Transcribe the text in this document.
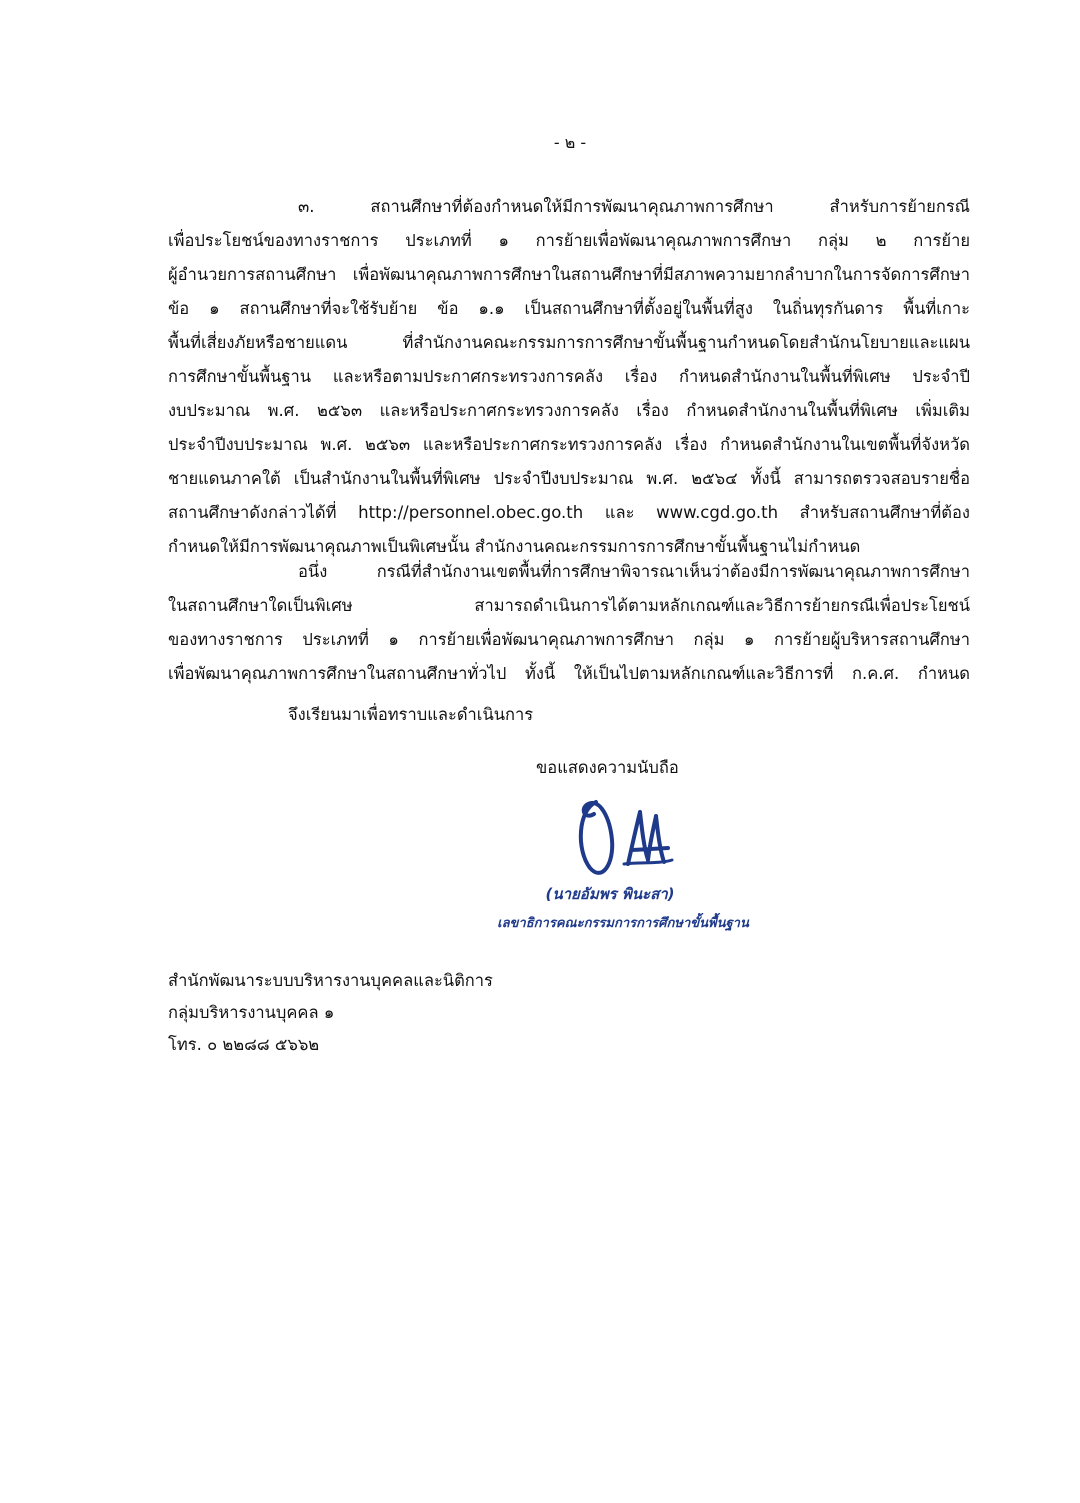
- ๒ -
๓. สถานศึกษาที่ต้องกำหนดให้มีการพัฒนาคุณภาพการศึกษา สำหรับการย้ายกรณี
เพื่อประโยชน์ของทางราชการ ประเภทที่ ๑ การย้ายเพื่อพัฒนาคุณภาพการศึกษา กลุ่ม ๒ การย้าย
ผู้อำนวยการสถานศึกษา เพื่อพัฒนาคุณภาพการศึกษาในสถานศึกษาที่มีสภาพความยากลำบากในการจัดการศึกษา
ข้อ ๑ สถานศึกษาที่จะใช้รับย้าย ข้อ ๑.๑ เป็นสถานศึกษาที่ตั้งอยู่ในพื้นที่สูง ในถิ่นทุรกันดาร พื้นที่เกาะ
พื้นที่เสี่ยงภัยหรือชายแดน ที่สำนักงานคณะกรรมการการศึกษาขั้นพื้นฐานกำหนดโดยสำนักนโยบายและแผน
การศึกษาขั้นพื้นฐาน และหรือตามประกาศกระทรวงการคลัง เรื่อง กำหนดสำนักงานในพื้นที่พิเศษ ประจำปี
งบประมาณ พ.ศ. ๒๕๖๓ และหรือประกาศกระทรวงการคลัง เรื่อง กำหนดสำนักงานในพื้นที่พิเศษ เพิ่มเติม
ประจำปีงบประมาณ พ.ศ. ๒๕๖๓ และหรือประกาศกระทรวงการคลัง เรื่อง กำหนดสำนักงานในเขตพื้นที่จังหวัด
ชายแดนภาคใต้ เป็นสำนักงานในพื้นที่พิเศษ ประจำปีงบประมาณ พ.ศ. ๒๕๖๔ ทั้งนี้ สามารถตรวจสอบรายชื่อ
สถานศึกษาดังกล่าวได้ที่ http://personnel.obec.go.th และ www.cgd.go.th สำหรับสถานศึกษาที่ต้อง
กำหนดให้มีการพัฒนาคุณภาพเป็นพิเศษนั้น สำนักงานคณะกรรมการการศึกษาขั้นพื้นฐานไม่กำหนด
อนึ่ง กรณีที่สำนักงานเขตพื้นที่การศึกษาพิจารณาเห็นว่าต้องมีการพัฒนาคุณภาพการศึกษา
ในสถานศึกษาใดเป็นพิเศษ สามารถดำเนินการได้ตามหลักเกณฑ์และวิธีการย้ายกรณีเพื่อประโยชน์
ของทางราชการ ประเภทที่ ๑ การย้ายเพื่อพัฒนาคุณภาพการศึกษา กลุ่ม ๑ การย้ายผู้บริหารสถานศึกษา
เพื่อพัฒนาคุณภาพการศึกษาในสถานศึกษาทั่วไป ทั้งนี้ ให้เป็นไปตามหลักเกณฑ์และวิธีการที่ ก.ค.ศ. กำหนด
จึงเรียนมาเพื่อทราบและดำเนินการ
ขอแสดงความนับถือ
(นายอัมพร พินะสา)
เลขาธิการคณะกรรมการการศึกษาขั้นพื้นฐาน
สำนักพัฒนาระบบบริหารงานบุคคลและนิติการ
กลุ่มบริหารงานบุคคล ๑
โทร. ๐ ๒๒๘๘ ๕๖๖๒
